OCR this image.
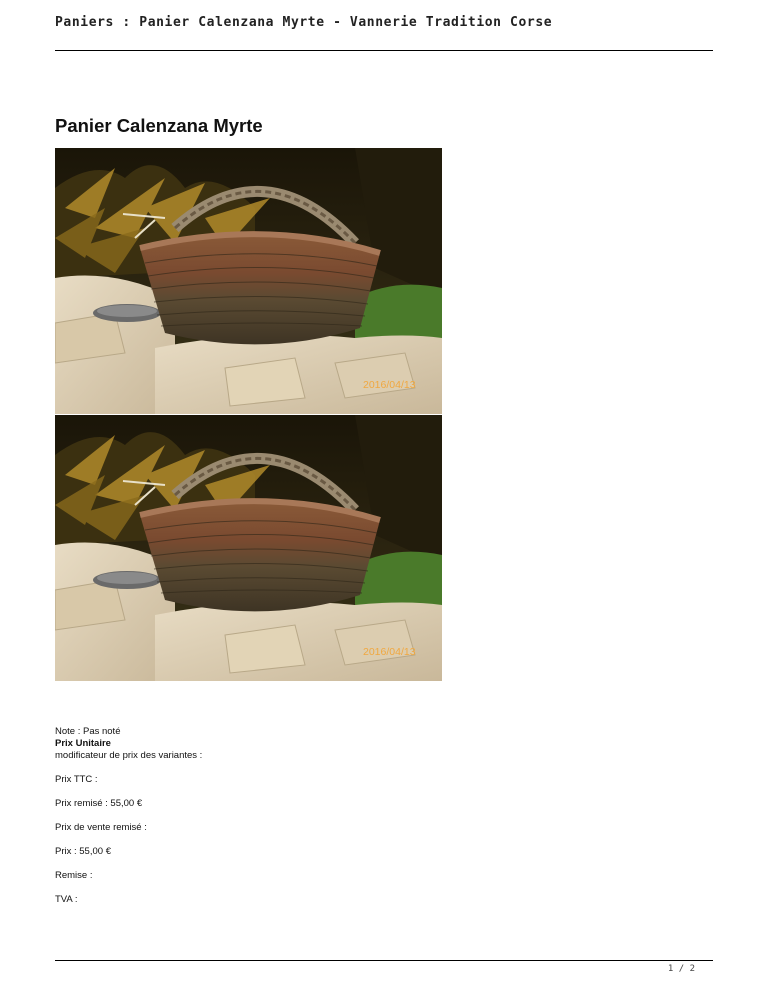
Paniers : Panier Calenzana Myrte - Vannerie Tradition Corse
Panier Calenzana Myrte
2016/04/13
2016/04/13
Note : Pas noté
Prix Unitaire
modificateur de prix des variantes :
Prix TTC :
Prix remisé : 55,00 €
Prix de vente remisé :
Prix : 55,00 €
Remise :
TVA :
1 / 2
